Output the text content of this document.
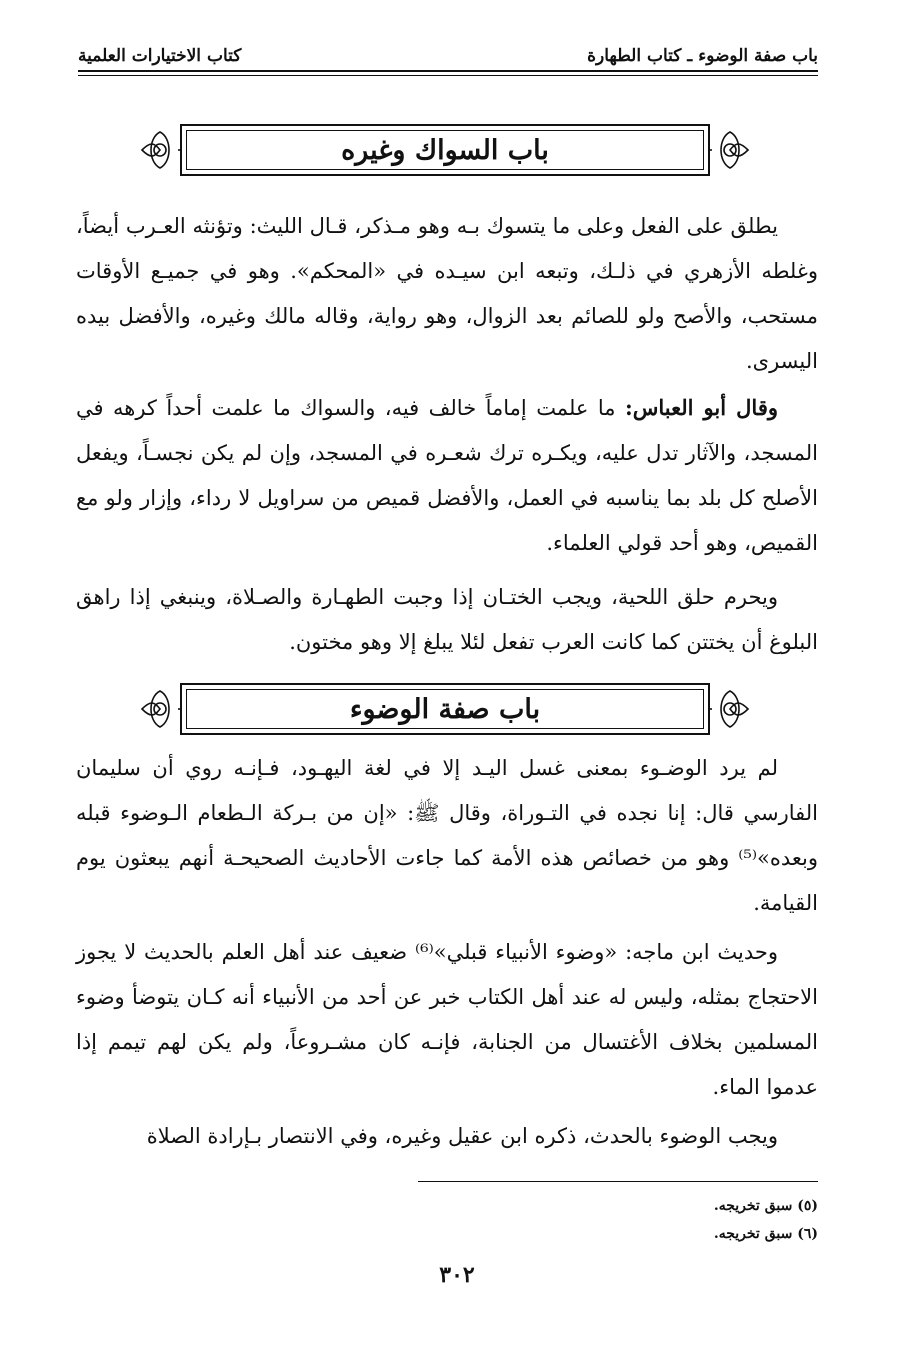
باب صفة الوضوء ـ كتاب الطهارة
كتاب الاختيارات العلمية
باب السواك وغيره
يطلق على الفعل وعلى ما يتسوك بـه وهو مـذكر، قـال الليث: وتؤنثه العـرب أيضاً، وغلطه الأزهري في ذلـك، وتبعه ابن سيـده في «المحكم». وهو في جميـع الأوقات مستحب، والأصح ولو للصائم بعد الزوال، وهو رواية، وقاله مالك وغيره، والأفضل بيده اليسرى.
وقال أبو العباس: ما علمت إماماً خالف فيه، والسواك ما علمت أحداً كرهه في المسجد، والآثار تدل عليه، ويكـره ترك شعـره في المسجد، وإن لم يكن نجسـاً، ويفعل الأصلح كل بلد بما يناسبه في العمل، والأفضل قميص من سراويل لا رداء، وإزار ولو مع القميص، وهو أحد قولي العلماء.
ويحرم حلق اللحية، ويجب الختـان إذا وجبت الطهـارة والصـلاة، وينبغي إذا راهق البلوغ أن يختتن كما كانت العرب تفعل لئلا يبلغ إلا وهو مختون.
باب صفة الوضوء
لم يرد الوضـوء بمعنى غسل اليـد إلا في لغة اليهـود، فـإنـه روي أن سليمان الفارسي قال: إنا نجده في التـوراة، وقال ﷺ: «إن من بـركة الـطعام الـوضوء قبله وبعده»⁽⁵⁾ وهو من خصائص هذه الأمة كما جاءت الأحاديث الصحيحـة أنهم يبعثون يوم القيامة.
وحديث ابن ماجه: «وضوء الأنبياء قبلي»⁽⁶⁾ ضعيف عند أهل العلم بالحديث لا يجوز الاحتجاج بمثله، وليس له عند أهل الكتاب خبر عن أحد من الأنبياء أنه كـان يتوضأ وضوء المسلمين بخلاف الأغتسال من الجنابة، فإنـه كان مشـروعاً، ولم يكن لهم تيمم إذا عدموا الماء.
ويجب الوضوء بالحدث، ذكره ابن عقيل وغيره، وفي الانتصار بـإرادة الصلاة
(٥) سبق تخريجه.
(٦) سبق تخريجه.
٣٠٢
